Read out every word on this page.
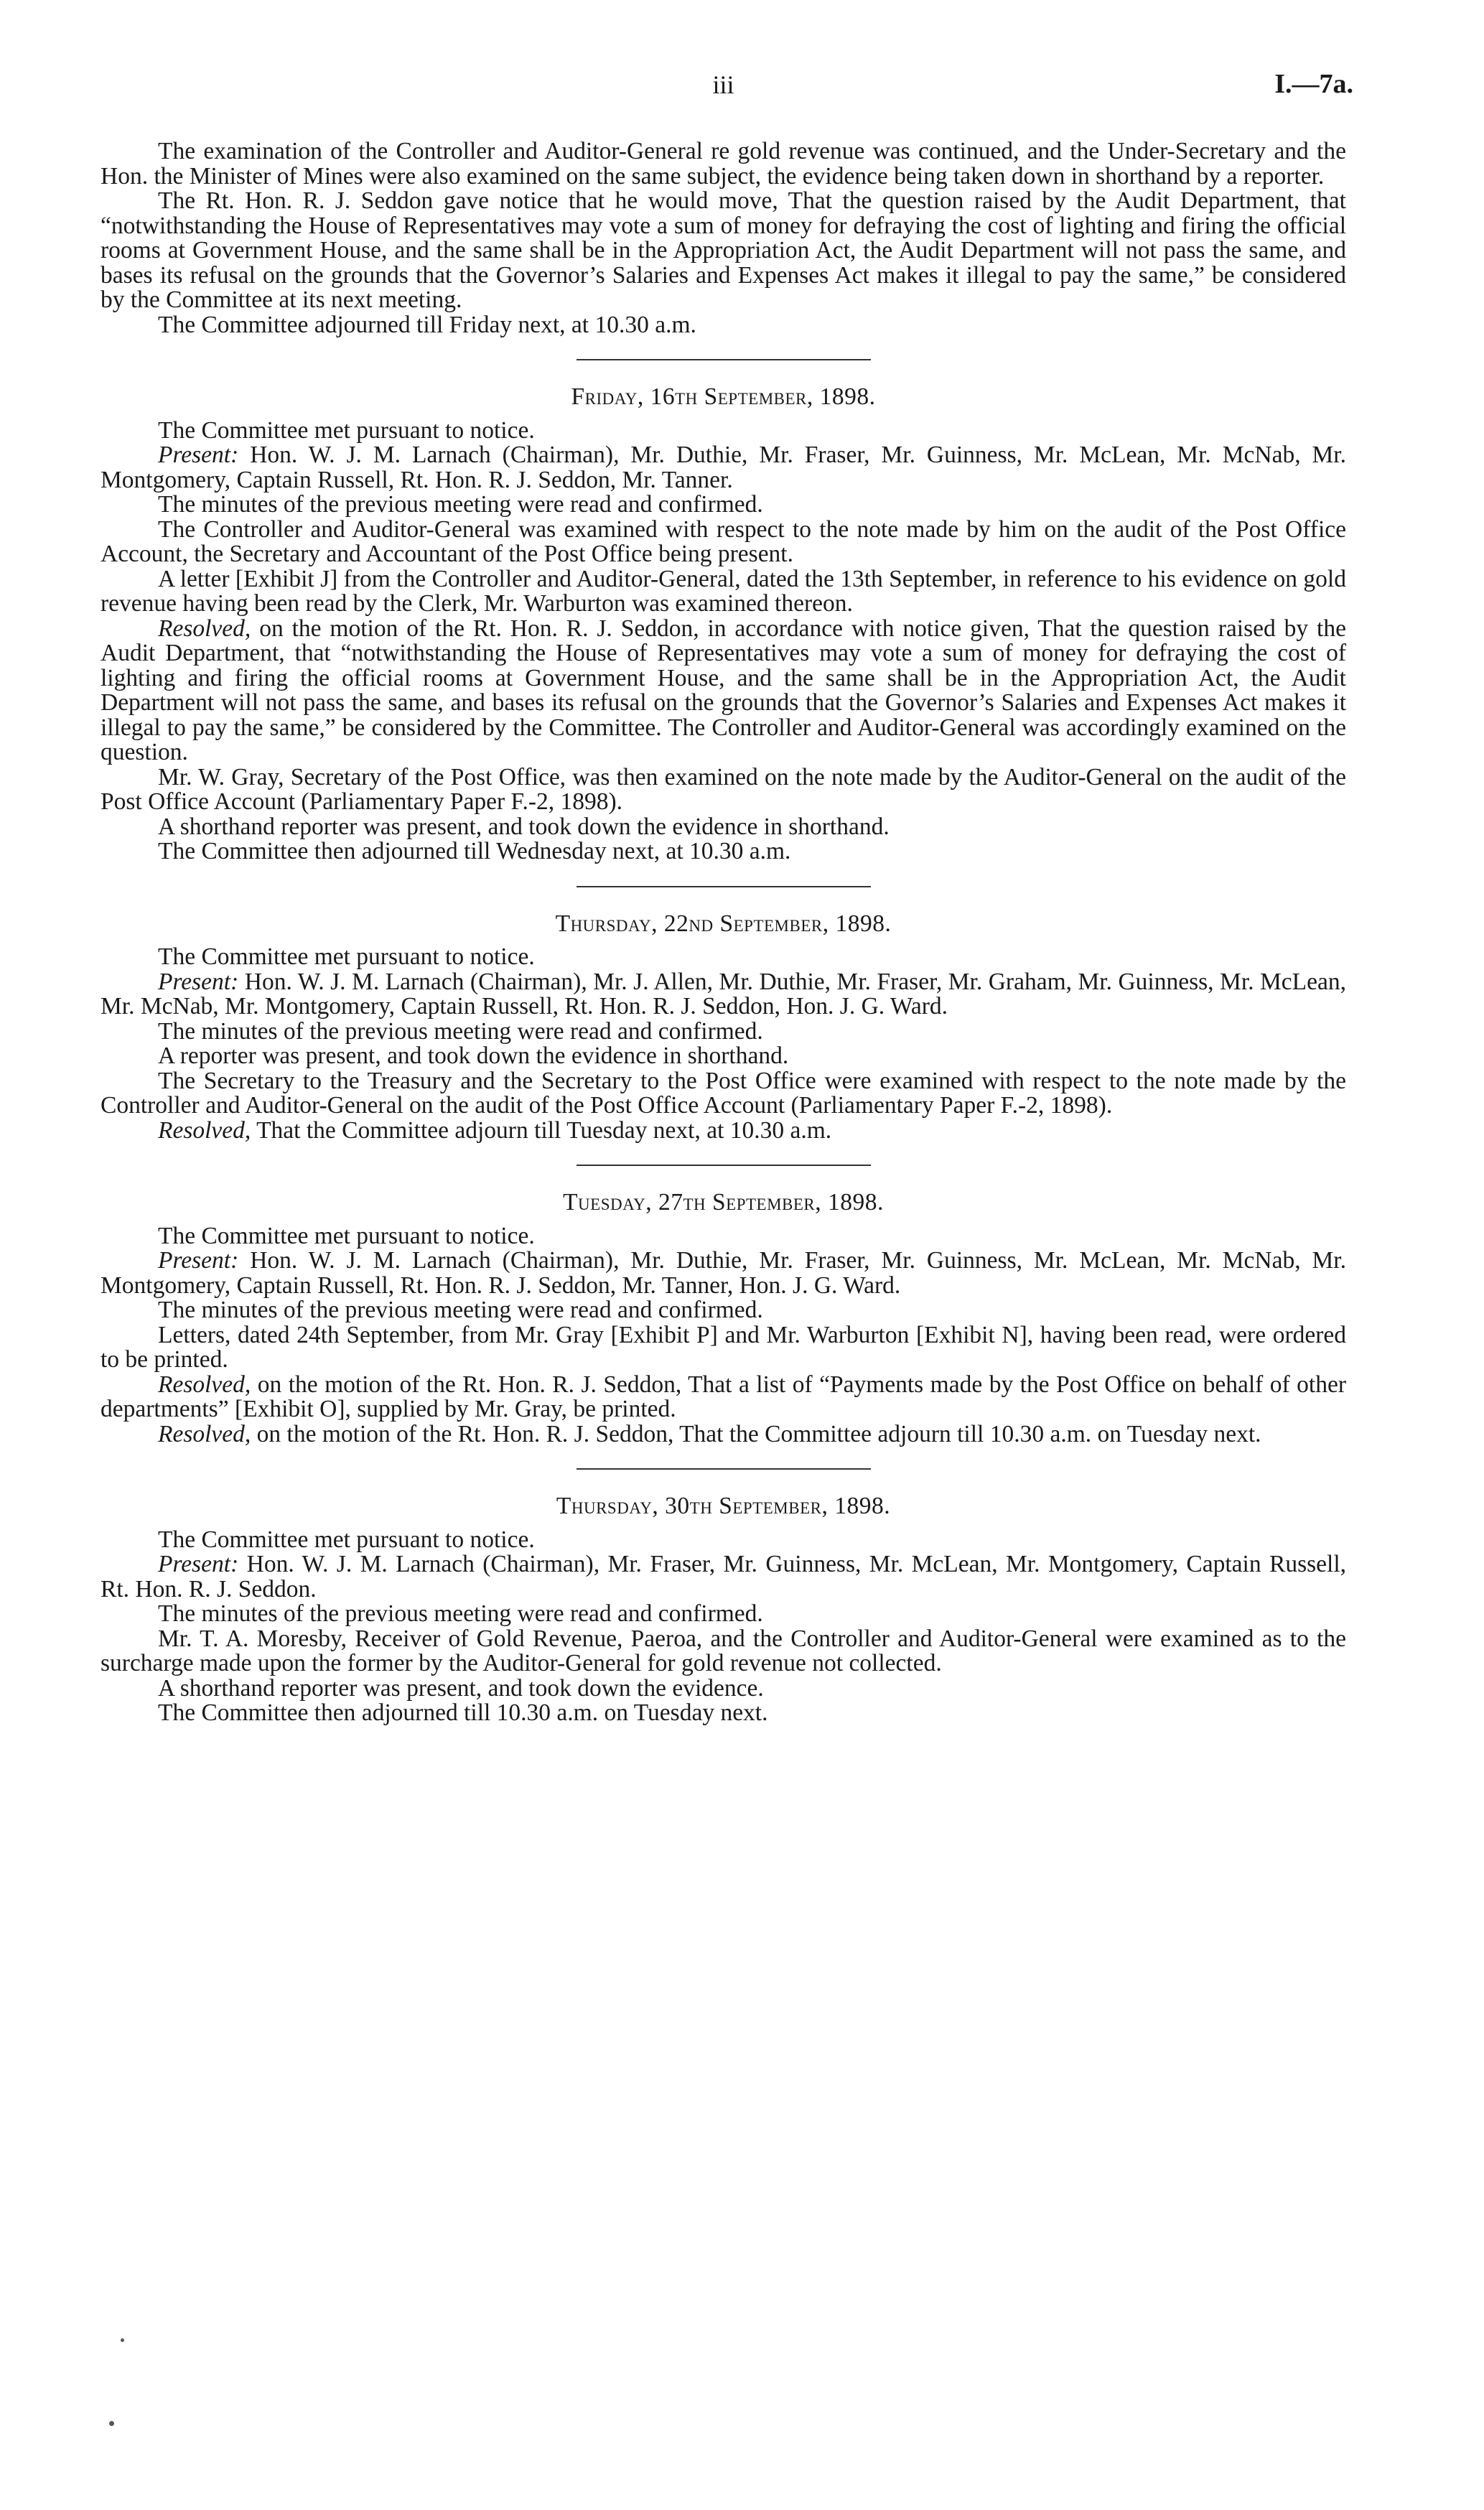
iii	I.—7a.

The examination of the Controller and Auditor-General re gold revenue was continued, and the Under-Secretary and the Hon. the Minister of Mines were also examined on the same subject, the evidence being taken down in shorthand by a reporter.

The Rt. Hon. R. J. Seddon gave notice that he would move, That the question raised by the Audit Department, that “notwithstanding the House of Representatives may vote a sum of money for defraying the cost of lighting and firing the official rooms at Government House, and the same shall be in the Appropriation Act, the Audit Department will not pass the same, and bases its refusal on the grounds that the Governor’s Salaries and Expenses Act makes it illegal to pay the same,” be considered by the Committee at its next meeting.

The Committee adjourned till Friday next, at 10.30 a.m.

Friday, 16th September, 1898.

The Committee met pursuant to notice.

Present: Hon. W. J. M. Larnach (Chairman), Mr. Duthie, Mr. Fraser, Mr. Guinness, Mr. McLean, Mr. McNab, Mr. Montgomery, Captain Russell, Rt. Hon. R. J. Seddon, Mr. Tanner.

The minutes of the previous meeting were read and confirmed.

The Controller and Auditor-General was examined with respect to the note made by him on the audit of the Post Office Account, the Secretary and Accountant of the Post Office being present.

A letter [Exhibit J] from the Controller and Auditor-General, dated the 13th September, in reference to his evidence on gold revenue having been read by the Clerk, Mr. Warburton was examined thereon.

Resolved, on the motion of the Rt. Hon. R. J. Seddon, in accordance with notice given, That the question raised by the Audit Department, that “notwithstanding the House of Representatives may vote a sum of money for defraying the cost of lighting and firing the official rooms at Government House, and the same shall be in the Appropriation Act, the Audit Department will not pass the same, and bases its refusal on the grounds that the Governor’s Salaries and Expenses Act makes it illegal to pay the same,” be considered by the Committee. The Controller and Auditor-General was accordingly examined on the question.

Mr. W. Gray, Secretary of the Post Office, was then examined on the note made by the Auditor-General on the audit of the Post Office Account (Parliamentary Paper F.-2, 1898).

A shorthand reporter was present, and took down the evidence in shorthand.

The Committee then adjourned till Wednesday next, at 10.30 a.m.

Thursday, 22nd September, 1898.

The Committee met pursuant to notice.

Present: Hon. W. J. M. Larnach (Chairman), Mr. J. Allen, Mr. Duthie, Mr. Fraser, Mr. Graham, Mr. Guinness, Mr. McLean, Mr. McNab, Mr. Montgomery, Captain Russell, Rt. Hon. R. J. Seddon, Hon. J. G. Ward.

The minutes of the previous meeting were read and confirmed.

A reporter was present, and took down the evidence in shorthand.

The Secretary to the Treasury and the Secretary to the Post Office were examined with respect to the note made by the Controller and Auditor-General on the audit of the Post Office Account (Parliamentary Paper F.-2, 1898).

Resolved, That the Committee adjourn till Tuesday next, at 10.30 a.m.

Tuesday, 27th September, 1898.

The Committee met pursuant to notice.

Present: Hon. W. J. M. Larnach (Chairman), Mr. Duthie, Mr. Fraser, Mr. Guinness, Mr. McLean, Mr. McNab, Mr. Montgomery, Captain Russell, Rt. Hon. R. J. Seddon, Mr. Tanner, Hon. J. G. Ward.

The minutes of the previous meeting were read and confirmed.

Letters, dated 24th September, from Mr. Gray [Exhibit P] and Mr. Warburton [Exhibit N], having been read, were ordered to be printed.

Resolved, on the motion of the Rt. Hon. R. J. Seddon, That a list of “Payments made by the Post Office on behalf of other departments” [Exhibit O], supplied by Mr. Gray, be printed.

Resolved, on the motion of the Rt. Hon. R. J. Seddon, That the Committee adjourn till 10.30 a.m. on Tuesday next.

Thursday, 30th September, 1898.

The Committee met pursuant to notice.

Present: Hon. W. J. M. Larnach (Chairman), Mr. Fraser, Mr. Guinness, Mr. McLean, Mr. Montgomery, Captain Russell, Rt. Hon. R. J. Seddon.

The minutes of the previous meeting were read and confirmed.

Mr. T. A. Moresby, Receiver of Gold Revenue, Paeroa, and the Controller and Auditor-General were examined as to the surcharge made upon the former by the Auditor-General for gold revenue not collected.

A shorthand reporter was present, and took down the evidence.

The Committee then adjourned till 10.30 a.m. on Tuesday next.
